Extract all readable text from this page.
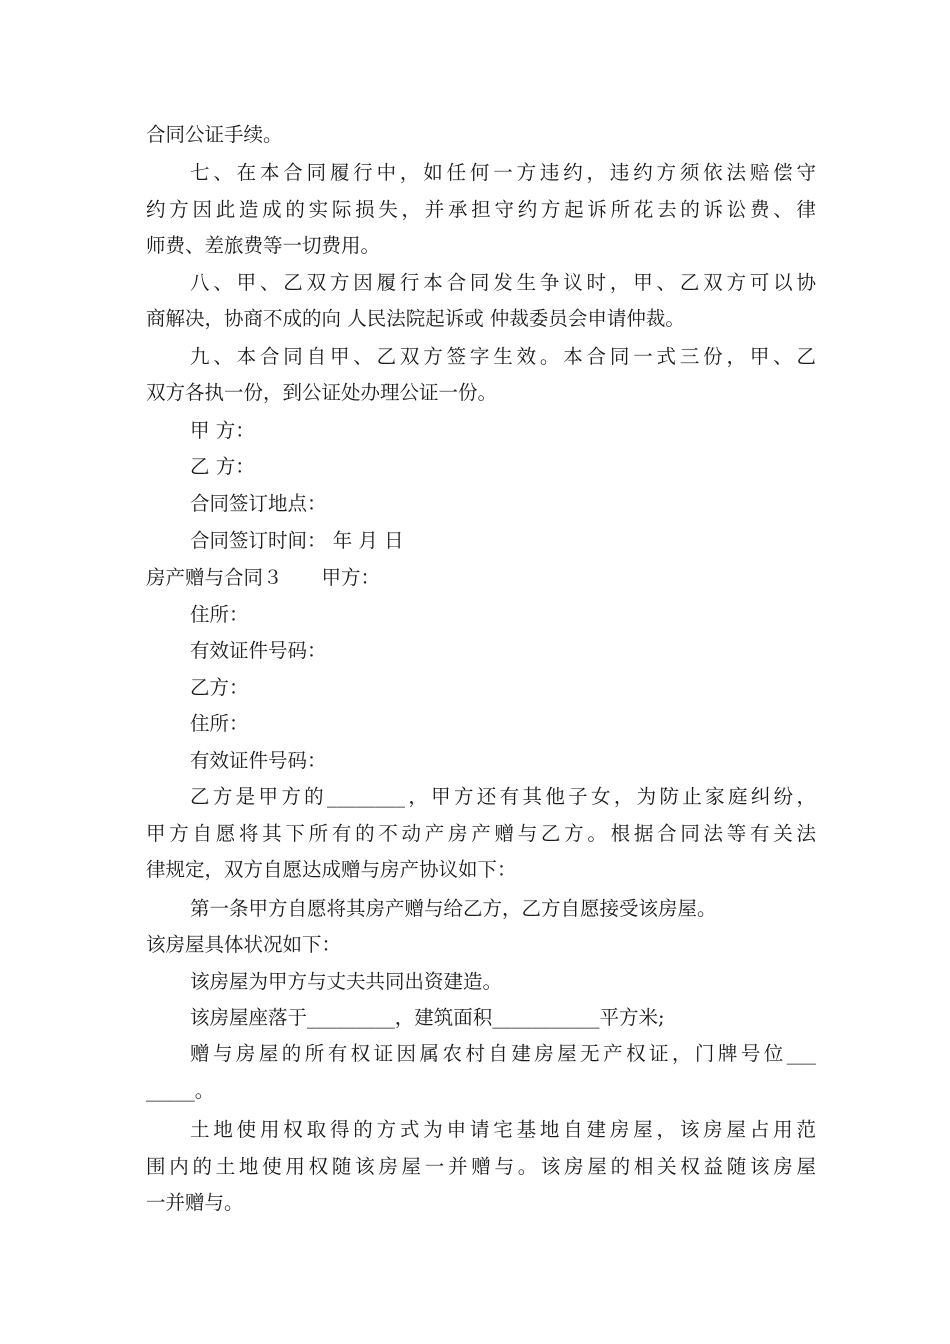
合同公证手续。
七、在本合同履行中，如任何一方违约，违约方须依法赔偿守
约方因此造成的实际损失，并承担守约方起诉所花去的诉讼费、律
师费、差旅费等一切费用。
八、甲、乙双方因履行本合同发生争议时，甲、乙双方可以协
商解决，协商不成的向 人民法院起诉或 仲裁委员会申请仲裁。
九、本合同自甲、乙双方签字生效。本合同一式三份，甲、乙
双方各执一份，到公证处办理公证一份。
甲 方：
乙 方：
合同签订地点：
合同签订时间： 年 月 日
房产赠与合同３　　甲方：
住所：
有效证件号码：
乙方：
住所：
有效证件号码：
乙方是甲方的________，甲方还有其他子女，为防止家庭纠纷，
甲方自愿将其下所有的不动产房产赠与乙方。根据合同法等有关法
律规定，双方自愿达成赠与房产协议如下：
第一条甲方自愿将其房产赠与给乙方，乙方自愿接受该房屋。
该房屋具体状况如下：
该房屋为甲方与丈夫共同出资建造。
该房屋座落于_________，建筑面积___________平方米;
赠与房屋的所有权证因属农村自建房屋无产权证，门牌号位___
_____。
土地使用权取得的方式为申请宅基地自建房屋，该房屋占用范
围内的土地使用权随该房屋一并赠与。该房屋的相关权益随该房屋
一并赠与。
